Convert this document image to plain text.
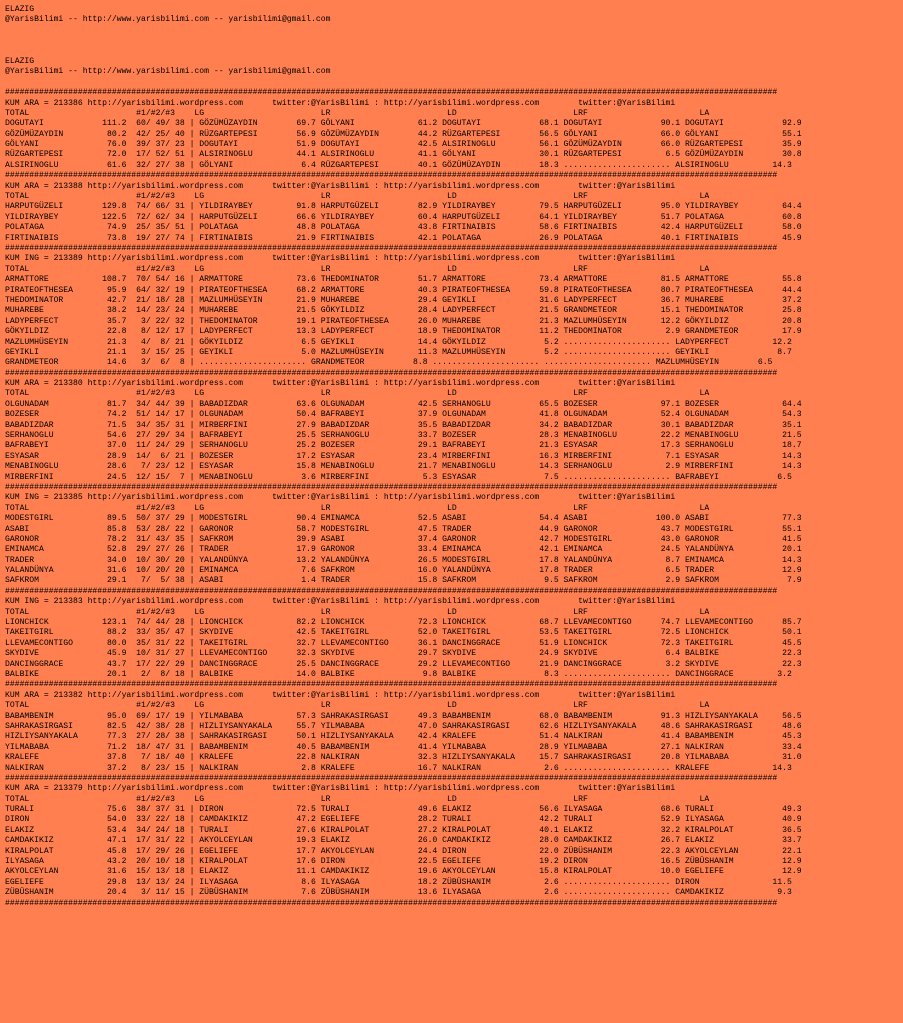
ELAZIG
@YarisBilimi -- http://www.yarisbilimi.com -- yarisbilimi@gmail.com

ELAZIG
@YarisBilimi -- http://www.yarisbilimi.com -- yarisbilimi@gmail.com

###############################################################################################################################################################
KUM ARA = 213386 http://yarisbilimi.wordpress.com      twitter:@YarisBilimi : http://yarisbilimi.wordpress.com        twitter:@YarisBilimi
TOTAL                      #1/#2/#3    LG                        LR                        LD                        LRF                       LA
DOGUTAYI            111.2  60/ 49/ 38 | GÖZÜMÜZAYDIN        69.7 GÖLYANI             61.2 DOGUTAYI            68.1 DOGUTAYI            90.1 DOGUTAYI            92.9
GÖZÜMÜZAYDIN         80.2  42/ 25/ 40 | RÜZGARTEPESI        56.9 GÖZÜMÜZAYDIN        44.2 RÜZGARTEPESI        56.5 GÖLYANI             66.0 GÖLYANI             55.1
GÖLYANI              76.0  39/ 37/ 23 | DOGUTAYI            51.9 DOGUTAYI            42.5 ALSIRINOGLU         56.1 GÖZÜMÜZAYDIN        66.0 RÜZGARTEPESI        35.9
RÜZGARTEPESI         72.0  17/ 52/ 51 | ALSIRINOGLU         44.1 ALSIRINOGLU         41.1 GÖLYANI             30.1 RÜZGARTEPESI         6.5 GÖZÜMÜZAYDIN        30.8
ALSIRINOGLU          61.6  32/ 27/ 38 | GÖLYANI              6.4 RÜZGARTEPESI        40.1 GÖZÜMÜZAYDIN        18.3 ...................... ALSIRINOGLU         14.3
###############################################################################################################################################################
KUM ARA = 213388 http://yarisbilimi.wordpress.com      twitter:@YarisBilimi : http://yarisbilimi.wordpress.com        twitter:@YarisBilimi
TOTAL                      #1/#2/#3    LG                        LR                        LD                        LRF                       LA
HARPUTGÜZELI        129.8  74/ 66/ 31 | YILDIRAYBEY         91.8 HARPUTGÜZELI        82.9 YILDIRAYBEY         79.5 HARPUTGÜZELI        95.0 YILDIRAYBEY         64.4
YILDIRAYBEY         122.5  72/ 62/ 34 | HARPUTGÜZELI        66.6 YILDIRAYBEY         60.4 HARPUTGÜZELI        64.1 YILDIRAYBEY         51.7 POLATAGA            60.8
POLATAGA             74.9  25/ 35/ 51 | POLATAGA            48.8 POLATAGA            43.8 FIRTINAIBIS         58.6 FIRTINAIBIS         42.4 HARPUTGÜZELI        58.0
FIRTINAIBIS          73.8  19/ 27/ 74 | FIRTINAIBIS         21.9 FIRTINAIBIS         42.1 POLATAGA            26.9 POLATAGA            40.1 FIRTINAIBIS         45.9
###############################################################################################################################################################
KUM ING = 213389 http://yarisbilimi.wordpress.com      twitter:@YarisBilimi : http://yarisbilimi.wordpress.com        twitter:@YarisBilimi
TOTAL                      #1/#2/#3    LG                        LR                        LD                        LRF                       LA
ARMATTORE           108.7  70/ 54/ 16 | ARMATTORE           73.6 THEDOMINATOR        51.7 ARMATTORE           73.4 ARMATTORE           81.5 ARMATTORE           55.8
PIRATEOFTHESEA       95.9  64/ 32/ 19 | PIRATEOFTHESEA      68.2 ARMATTORE           40.3 PIRATEOFTHESEA      59.8 PIRATEOFTHESEA      80.7 PIRATEOFTHESEA      44.4
THEDOMINATOR         42.7  21/ 18/ 28 | MAZLUMHÜSEYIN       21.9 MUHAREBE            29.4 GEYIKLI             31.6 LADYPERFECT         36.7 MUHAREBE            37.2
MUHAREBE             38.2  14/ 23/ 24 | MUHAREBE            21.5 GÖKYILDIZ           28.4 LADYPERFECT         21.5 GRANDMETEOR         15.1 THEDOMINATOR        25.8
LADYPERFECT          35.7   3/ 22/ 32 | THEDOMINATOR        19.1 PIRATEOFTHESEA      26.0 MUHAREBE            21.3 MAZLUMHÜSEYIN       12.2 GÖKYILDIZ           20.8
GÖKYILDIZ            22.8   8/ 12/ 17 | LADYPERFECT         13.3 LADYPERFECT         18.9 THEDOMINATOR        11.2 THEDOMINATOR         2.9 GRANDMETEOR         17.9
MAZLUMHÜSEYIN        21.3   4/  8/ 21 | GÖKYILDIZ            6.5 GEYIKLI             14.4 GÖKYILDIZ            5.2 ...................... LADYPERFECT         12.2
GEYIKLI              21.1   3/ 15/ 25 | GEYIKLI              5.0 MAZLUMHÜSEYIN       11.3 MAZLUMHÜSEYIN        5.2 ...................... GEYIKLI              8.7
GRANDMETEOR          14.6   3/  6/  8 | ...................... GRANDMETEOR          8.8 ...................... ...................... MAZLUMHÜSEYIN        6.5
###############################################################################################################################################################
KUM ARA = 213380 http://yarisbilimi.wordpress.com      twitter:@YarisBilimi : http://yarisbilimi.wordpress.com        twitter:@YarisBilimi
TOTAL                      #1/#2/#3    LG                        LR                        LD                        LRF                       LA
OLGUNADAM            81.7  34/ 44/ 39 | BABADIZDAR          63.6 OLGUNADAM           42.5 SERHANOGLU          65.5 BOZESER             97.1 BOZESER             64.4
BOZESER              74.2  51/ 14/ 17 | OLGUNADAM           50.4 BAFRABEYI           37.9 OLGUNADAM           41.8 OLGUNADAM           52.4 OLGUNADAM           54.3
BABADIZDAR           71.5  34/ 35/ 31 | MIRBERFINI          27.9 BABADIZDAR          35.5 BABADIZDAR          34.2 BABADIZDAR          30.1 BABADIZDAR          35.1
SERHANOGLU           54.6  27/ 29/ 34 | BAFRABEYI           25.5 SERHANOGLU          33.7 BOZESER             28.3 MENABINOGLU         22.2 MENABINOGLU         21.5
BAFRABEYI            37.0  11/ 24/ 29 | SERHANOGLU          25.2 BOZESER             29.1 BAFRABEYI           21.3 ESYASAR             17.3 SERHANOGLU          18.7
ESYASAR              28.9  14/  6/ 21 | BOZESER             17.2 ESYASAR             23.4 MIRBERFINI          16.3 MIRBERFINI           7.1 ESYASAR             14.3
MENABINOGLU          28.6   7/ 23/ 12 | ESYASAR             15.8 MENABINOGLU         21.7 MENABINOGLU         14.3 SERHANOGLU           2.9 MIRBERFINI          14.3
MIRBERFINI           24.5  12/ 15/  7 | MENABINOGLU          3.6 MIRBERFINI           5.3 ESYASAR              7.5 ...................... BAFRABEYI            6.5
###############################################################################################################################################################
KUM ING = 213385 http://yarisbilimi.wordpress.com      twitter:@YarisBilimi : http://yarisbilimi.wordpress.com        twitter:@YarisBilimi
TOTAL                      #1/#2/#3    LG                        LR                        LD                        LRF                       LA
MODESTGIRL           89.5  50/ 37/ 29 | MODESTGIRL          90.4 EMINAMCA            52.5 ASABI               54.4 ASABI              100.0 ASABI               77.3
ASABI                85.8  53/ 28/ 22 | GARONOR             58.7 MODESTGIRL          47.5 TRADER              44.9 GARONOR             43.7 MODESTGIRL          55.1
GARONOR              78.2  31/ 43/ 35 | SAFKROM             39.9 ASABI               37.4 GARONOR             42.7 MODESTGIRL          43.0 GARONOR             41.5
EMINAMCA             52.8  29/ 27/ 26 | TRADER              17.9 GARONOR             33.4 EMINAMCA            42.1 EMINAMCA            24.5 YALANDÜNYA          20.1
TRADER               34.0  10/ 30/ 20 | YALANDÜNYA          13.2 YALANDÜNYA          26.5 MODESTGIRL          17.8 YALANDÜNYA           8.7 EMINAMCA            14.3
YALANDÜNYA           31.6  10/ 20/ 20 | EMINAMCA             7.6 SAFKROM             16.0 YALANDÜNYA          17.8 TRADER               6.5 TRADER              12.9
SAFKROM              29.1   7/  5/ 38 | ASABI                1.4 TRADER              15.8 SAFKROM              9.5 SAFKROM              2.9 SAFKROM              7.9
###############################################################################################################################################################
KUM ING = 213383 http://yarisbilimi.wordpress.com      twitter:@YarisBilimi : http://yarisbilimi.wordpress.com        twitter:@YarisBilimi
TOTAL                      #1/#2/#3    LG                        LR                        LD                        LRF                       LA
LIONCHICK           123.1  74/ 44/ 28 | LIONCHICK           82.2 LIONCHICK           72.3 LIONCHICK           68.7 LLEVAMECONTIGO      74.7 LLEVAMECONTIGO      85.7
TAKEITGIRL           88.2  33/ 35/ 47 | SKYDIVE             42.5 TAKEITGIRL          52.0 TAKEITGIRL          53.5 TAKEITGIRL          72.5 LIONCHICK           50.1
LLEVAMECONTIGO       80.0  35/ 31/ 22 | TAKEITGIRL          32.7 LLEVAMECONTIGO      36.1 DANCINGGRACE        51.9 LIONCHICK           72.3 TAKEITGIRL          45.5
SKYDIVE              45.9  10/ 31/ 27 | LLEVAMECONTIGO      32.3 SKYDIVE             29.7 SKYDIVE             24.9 SKYDIVE              6.4 BALBIKE             22.3
DANCINGGRACE         43.7  17/ 22/ 29 | DANCINGGRACE        25.5 DANCINGGRACE        29.2 LLEVAMECONTIGO      21.9 DANCINGGRACE         3.2 SKYDIVE             22.3
BALBIKE              20.1   2/  8/ 18 | BALBIKE             14.0 BALBIKE              9.8 BALBIKE              8.3 ...................... DANCINGGRACE         3.2
###############################################################################################################################################################
KUM ARA = 213382 http://yarisbilimi.wordpress.com      twitter:@YarisBilimi : http://yarisbilimi.wordpress.com        twitter:@YarisBilimi
TOTAL                      #1/#2/#3    LG                        LR                        LD                        LRF                       LA
BABAMBENIM           95.0  69/ 17/ 19 | YILMABABA           57.3 SAHRAKASIRGASI      49.3 BABAMBENIM          68.0 BABAMBENIM          91.3 HIZLIYSANYAKALA     56.5
SAHRAKASIRGASI       82.5  42/ 38/ 28 | HIZLIYSANYAKALA     55.7 YILMABABA           47.0 SAHRAKASIRGASI      62.6 HIZLIYSANYAKALA     48.6 SAHRAKASIRGASI      48.6
HIZLIYSANYAKALA      77.3  27/ 28/ 38 | SAHRAKASIRGASI      50.1 HIZLIYSANYAKALA     42.4 KRALEFE             51.4 NALKIRAN            41.4 BABAMBENIM          45.3
YILMABABA            71.2  18/ 47/ 31 | BABAMBENIM          40.5 BABAMBENIM          41.4 YILMABABA           28.9 YILMABABA           27.1 NALKIRAN            33.4
KRALEFE              37.8   7/ 18/ 40 | KRALEFE             22.8 NALKIRAN            32.3 HIZLIYSANYAKALA     15.7 SAHRAKASIRGASI      20.8 YILMABABA           31.0
NALKIRAN             37.2   8/ 23/ 15 | NALKIRAN             2.8 KRALEFE             16.7 NALKIRAN             2.6 ...................... KRALEFE             14.3
###############################################################################################################################################################
KUM ARA = 213379 http://yarisbilimi.wordpress.com      twitter:@YarisBilimi : http://yarisbilimi.wordpress.com        twitter:@YarisBilimi
TOTAL                      #1/#2/#3    LG                        LR                        LD                        LRF                       LA
TURALI               75.6  38/ 37/ 31 | DIRON               72.5 TURALI              49.6 ELAKIZ              56.6 ILYASAGA            68.6 TURALI              49.3
DIRON                54.0  33/ 22/ 18 | CAMDAKIKIZ          47.2 EGELIEFE            28.2 TURALI              42.2 TURALI              52.9 ILYASAGA            40.9
ELAKIZ               53.4  34/ 24/ 18 | TURALI              27.6 KIRALPOLAT          27.2 KIRALPOLAT          40.1 ELAKIZ              32.2 KIRALPOLAT          36.5
CAMDAKIKIZ           47.1  17/ 31/ 22 | AKYOLCEYLAN         19.3 ELAKIZ              26.0 CAMDAKIKIZ          28.0 CAMDAKIKIZ          26.7 ELAKIZ              33.7
KIRALPOLAT           45.8  17/ 29/ 26 | EGELIEFE            17.7 AKYOLCEYLAN         24.4 DIRON               22.0 ZÜBÜSHANIM          22.3 AKYOLCEYLAN         22.1
ILYASAGA             43.2  20/ 10/ 18 | KIRALPOLAT          17.6 DIRON               22.5 EGELIEFE            19.2 DIRON               16.5 ZÜBÜSHANIM          12.9
AKYOLCEYLAN          31.6  15/ 13/ 18 | ELAKIZ              11.1 CAMDAKIKIZ          19.6 AKYOLCEYLAN         15.8 KIRALPOLAT          10.0 EGELIEFE            12.9
EGELIEFE             29.8  13/ 13/ 24 | ILYASAGA             8.6 ILYASAGA            18.2 ZÜBÜSHANIM           2.6 ...................... DIRON               11.5
ZÜBÜSHANIM           20.4   3/ 11/ 15 | ZÜBÜSHANIM           7.6 ZÜBÜSHANIM          13.6 ILYASAGA             2.6 ...................... CAMDAKIKIZ           9.3
###############################################################################################################################################################
